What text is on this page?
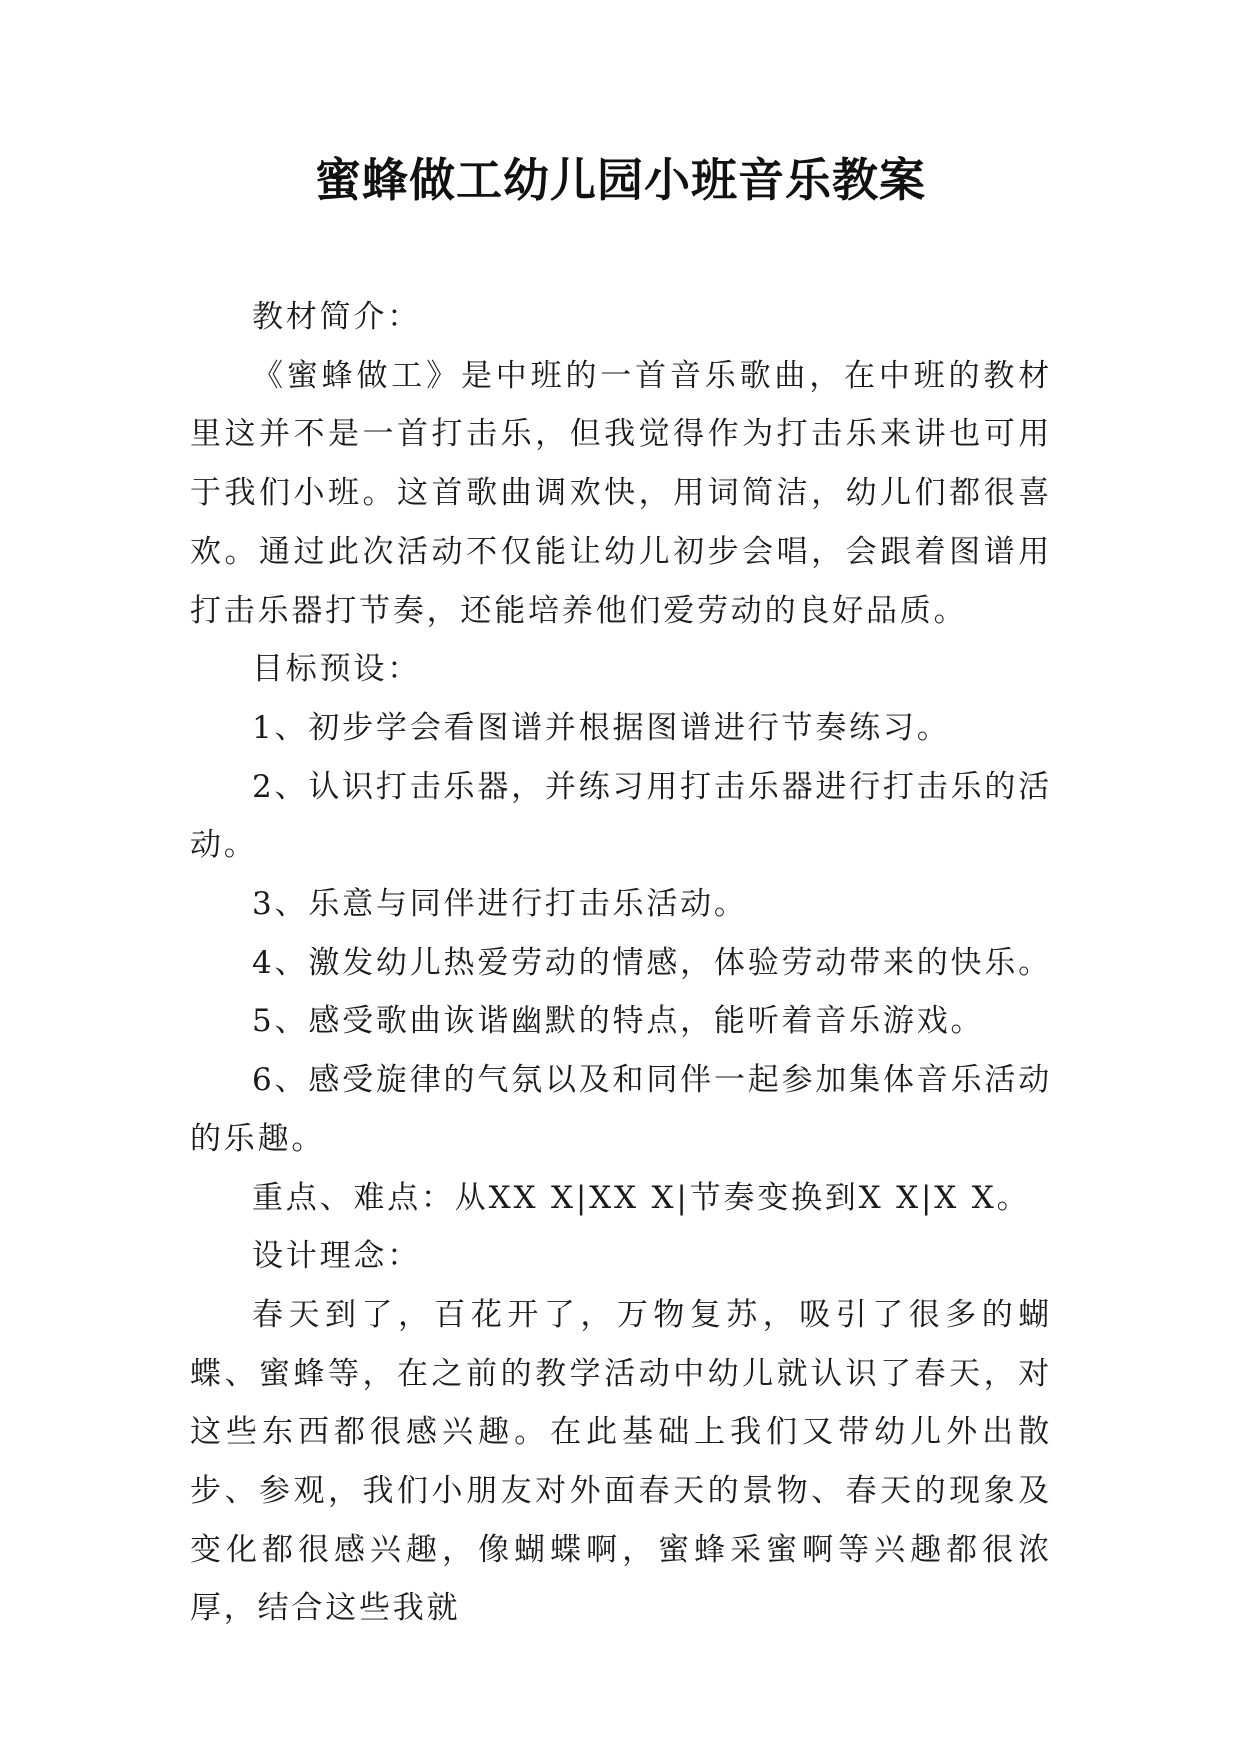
蜜蜂做工幼儿园小班音乐教案

教材简介：

《蜜蜂做工》是中班的一首音乐歌曲，在中班的教材里这并不是一首打击乐，但我觉得作为打击乐来讲也可用于我们小班。这首歌曲调欢快，用词简洁，幼儿们都很喜欢。通过此次活动不仅能让幼儿初步会唱，会跟着图谱用打击乐器打节奏，还能培养他们爱劳动的良好品质。

目标预设：

1、初步学会看图谱并根据图谱进行节奏练习。

2、认识打击乐器，并练习用打击乐器进行打击乐的活动。

3、乐意与同伴进行打击乐活动。

4、激发幼儿热爱劳动的情感，体验劳动带来的快乐。

5、感受歌曲诙谐幽默的特点，能听着音乐游戏。

6、感受旋律的气氛以及和同伴一起参加集体音乐活动的乐趣。

重点、难点：从XX X|XX X|节奏变换到X X|X X。

设计理念：

春天到了，百花开了，万物复苏，吸引了很多的蝴蝶、蜜蜂等，在之前的教学活动中幼儿就认识了春天，对这些东西都很感兴趣。在此基础上我们又带幼儿外出散步、参观，我们小朋友对外面春天的景物、春天的现象及变化都很感兴趣，像蝴蝶啊，蜜蜂采蜜啊等兴趣都很浓厚，结合这些我就
